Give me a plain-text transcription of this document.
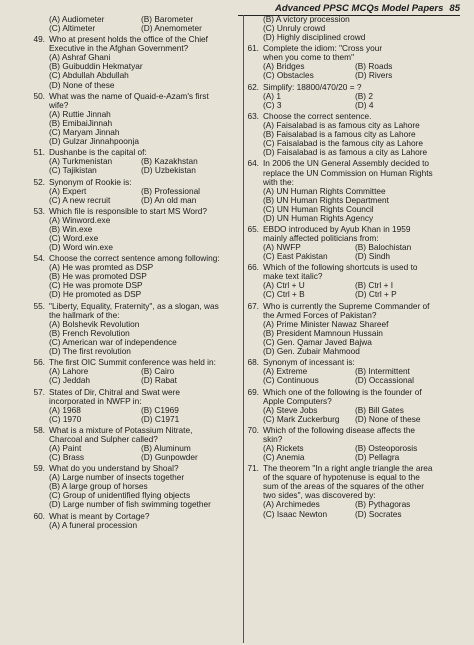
Advanced PPSC MCQs Model Papers 85
(A) Audiometer	(B) Barometer
(C) Altimeter	(D) Anemometer
49. Who at present holds the office of the Chief
Executive in the Afghan Government?
(A) Ashraf Ghani
(B) Guibuddin Hekmatyar
(C) Abdullah Abdullah
(D) None of these
50. What was the name of Quaid-e-Azam's first
wife?
(A) Ruttie Jinnah
(B) EmibaiJinnah
(C) Maryam Jinnah
(D) Gulzar Jinnahpoonja
51. Dushanbe is the capital of:
(A) Turkmenistan	(B) Kazakhstan
(C) Tajikistan	(D) Uzbekistan
52. Synonym of Rookie is:
(A) Expert	(B) Professional
(C) A new recruit	(D) An old man
53. Which file is responsible to start MS Word?
(A) Winword.exe
(B) Win.exe
(C) Word.exe
(D) Word win.exe
54. Choose the correct sentence among following:
(A) He was promted as DSP
(B) He was promoted DSP
(C) He was promote DSP
(D) He promoted as DSP
55. "Liberty, Equality, Fraternity", as a slogan, was
the hallmark of the:
(A) Bolshevik Revolution
(B) French Revolution
(C) American war of independence
(D) The first revolution
56. The first OIC Summit conference was held in:
(A) Lahore	(B) Cairo
(C) Jeddah	(D) Rabat
57. States of Dir, Chitral and Swat were
incorporated in NWFP in:
(A) 1968	(B) C1969
(C) 1970	(D) C1971
58. What is a mixture of Potassium Nitrate,
Charcoal and Sulpher called?
(A) Paint	(B) Aluminum
(C) Brass	(D) Gunpowder
59. What do you understand by Shoal?
(A) Large number of insects together
(B) A large group of horses
(C) Group of unidentified flying objects
(D) Large number of fish swimming together
60. What is meant by Cortage?
(A) A funeral procession
(B) A victory procession
(C) Unruly crowd
(D) Highly disciplined crowd
61. Complete the idiom: "Cross your
when you come to them"
(A) Bridges	(B) Roads
(C) Obstacles	(D) Rivers
62. Simplify: 18800/470/20 = ?
(A) 1	(B) 2
(C) 3	(D) 4
63. Choose the correct sentence.
(A) Faisalabad is as famous city as Lahore
(B) Faisalabad is a famous city as Lahore
(C) Faisalabad is the famous city as Lahore
(D) Faisalabad is as famous a city as Lahore
64. In 2006 the UN General Assembly decided to
replace the UN Commission on Human Rights
with the:
(A) UN Human Rights Committee
(B) UN Human Rights Department
(C) UN Human Rights Council
(D) UN Human Rights Agency
65. EBDO introduced by Ayub Khan in 1959
mainly affected politicians from:
(A) NWFP	(B) Balochistan
(C) East Pakistan	(D) Sindh
66. Which of the following shortcuts is used to
make text italic?
(A) Ctrl + U	(B) Ctrl + I
(C) Ctrl + B	(D) Ctrl + P
67. Who is currently the Supreme Commander of
the Armed Forces of Pakistan?
(A) Prime Minister Nawaz Shareef
(B) President Mamnoun Hussain
(C) Gen. Qamar Javed Bajwa
(D) Gen. Zubair Mahmood
68. Synonym of incessant is:
(A) Extreme	(B) Intermittent
(C) Continuous	(D) Occassional
69. Which one of the following is the founder of
Apple Computers?
(A) Steve Jobs	(B) Bill Gates
(C) Mark Zuckerburg	(D) None of these
70. Which of the following disease affects the
skin?
(A) Rickets	(B) Osteoporosis
(C) Anemia	(D) Pellagra
71. The theorem "In a right angle triangle the area
of the square of hypotenuse is equal to the
sum of the areas of the squares of the other
two sides", was discovered by:
(A) Archimedes	(B) Pythagoras
(C) Isaac Newton	(D) Socrates
